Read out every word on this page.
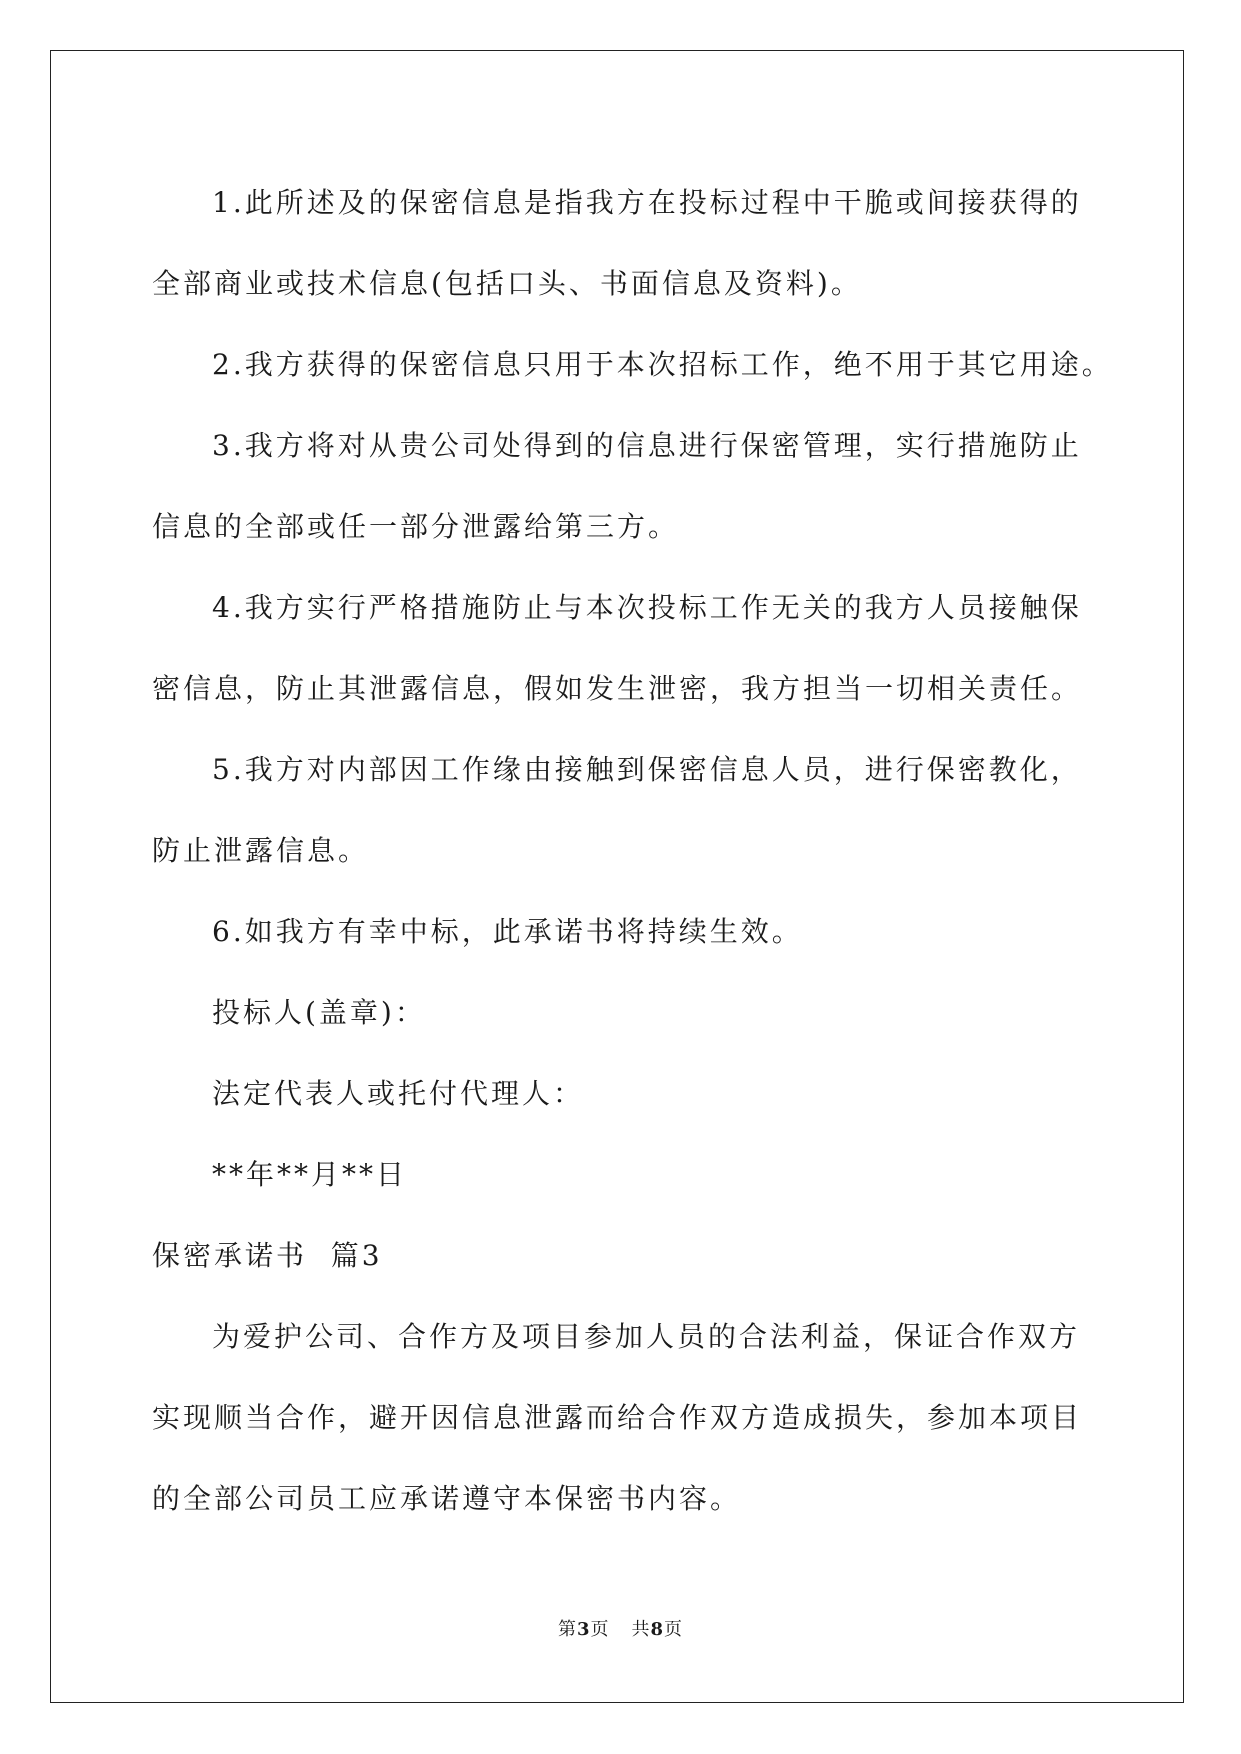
1.此所述及的保密信息是指我方在投标过程中干脆或间接获得的
全部商业或技术信息(包括口头、书面信息及资料)。

2.我方获得的保密信息只用于本次招标工作，绝不用于其它用途。

3.我方将对从贵公司处得到的信息进行保密管理，实行措施防止
信息的全部或任一部分泄露给第三方。

4.我方实行严格措施防止与本次投标工作无关的我方人员接触保
密信息，防止其泄露信息，假如发生泄密，我方担当一切相关责任。

5.我方对内部因工作缘由接触到保密信息人员，进行保密教化，
防止泄露信息。

6.如我方有幸中标，此承诺书将持续生效。

投标人(盖章)：

法定代表人或托付代理人：

**年**月**日

保密承诺书  篇3

为爱护公司、合作方及项目参加人员的合法利益，保证合作双方
实现顺当合作，避开因信息泄露而给合作双方造成损失，参加本项目
的全部公司员工应承诺遵守本保密书内容。

第3页 共8页
